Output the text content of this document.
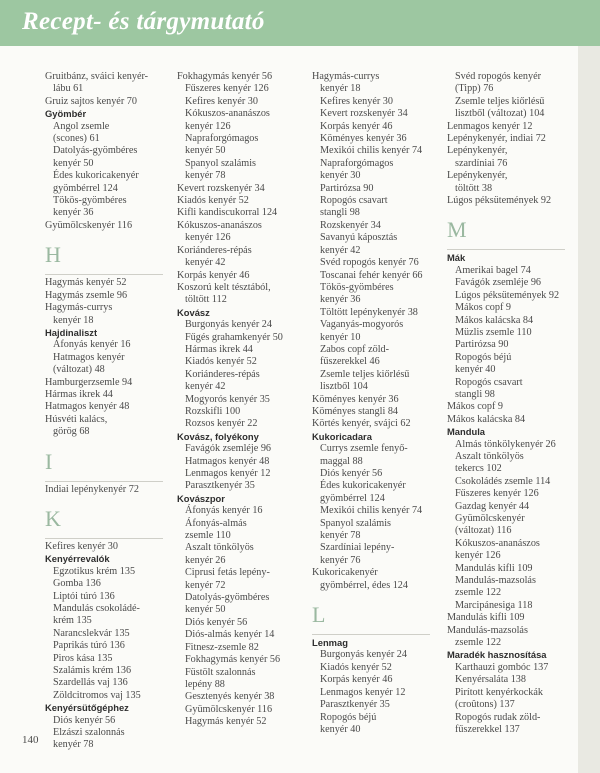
Recept- és tárgymutató
Gruitbánz, sváici kenyér-
lábu 61
Gruiz sajtos kenyér 70
Gyömbér
Angol zsemle
(scones) 61
Datolyás-gyömbéres
kenyér 50
Édes kukoricakenyér
gyömbérrel 124
Tökös-gyömbéres
kenyér 36
Gyümölcskenyér 116
H
Hagymás kenyér 52
Hagymás zsemle 96
Hagymás-currys
kenyér 18
Hajdinaliszt
Áfonyás kenyér 16
Hatmagos kenyér
(változat) 48
Hamburgerzsemle 94
Hármas ikrek 44
Hatmagos kenyér 48
Húsvéti kalács,
görög 68
I
Indiai lepénykenyér 72
K
Kefires kenyér 30
Kenyérrevalók
Egzotikus krém 135
Gomba 136
Liptói túró 136
Mandulás csokoládé-
krém 135
Narancslekvár 135
Paprikás túró 136
Piros kása 135
Szalámis krém 136
Szardellás vaj 136
Zöldcitromos vaj 135
Kenyérsütőgéphez
Diós kenyér 56
Elzászi szalonnás
kenyér 78
Fokhagymás kenyér 56
Fűszeres kenyér 126
Kefires kenyér 30
Kókuszos-ananászos
kenyér 126
Napraforgómagos
kenyér 50
Spanyol szalámis
kenyér 78
Kevert rozskenyér 34
Kiadós kenyér 52
Kifli kandiscukorral 124
Kókuszos-ananászos
kenyér 126
Koriánderes-répás
kenyér 42
Korpás kenyér 46
Koszorú kelt tésztából,
töltött 112
Kovász
Burgonyás kenyér 24
Fűgés grahamkenyér 50
Hármas ikrek 44
Kiadós kenyér 52
Koriánderes-répás
kenyér 42
Mogyorós kenyér 35
Rozskifli 100
Rozsos kenyér 22
Kovász, folyékony
Favágók zsemléje 96
Hatmagos kenyér 48
Lenmagos kenyér 12
Parasztkenyér 35
Kovászpor
Áfonyás kenyér 16
Áfonyás-almás
zsemle 110
Aszalt tönkölyös
kenyér 26
Ciprusi fetás lepény-
kenyér 72
Datolyás-gyömbéres
kenyér 50
Diós kenyér 56
Diós-almás kenyér 14
Fitnesz-zsemle 82
Fokhagymás kenyér 56
Füstölt szalonnás
lepény 88
Gesztenyés kenyér 38
Gyümölcskenyér 116
Hagymás kenyér 52
Hagymás-currys
kenyér 18
Kefires kenyér 30
Kevert rozskenyér 34
Korpás kenyér 46
Köményes kenyér 36
Mexikói chilis kenyér 74
Napraforgómagos
kenyér 30
Partirózsa 90
Ropogós csavart
stangli 98
Rozskenyér 34
Savanyú káposztás
kenyér 42
Svéd ropogós kenyér 76
Toscanai fehér kenyér 66
Tökös-gyömbéres
kenyér 36
Töltött lepénykenyér 38
Vaganyás-mogyorós
kenyér 10
Zabos copf zöld-
fűszerekkel 46
Zsemle teljes kiőrlésű
lisztből 104
Köményes kenyér 36
Köményes stangli 84
Körtés kenyér, svájci 62
Kukoricadara
Currys zsemle fenyő-
maggal 88
Diós kenyér 56
Édes kukoricakenyér
gyömbérrel 124
Mexikói chilis kenyér 74
Spanyol szalámis
kenyér 78
Szardíniai lepény-
kenyér 76
Kukoricakenyér
gyömbérrel, édes 124
L
Lenmag
Burgonyás kenyér 24
Kiadós kenyér 52
Korpás kenyér 46
Lenmagos kenyér 12
Parasztkenyér 35
Ropogós béjú
kenyér 40
Svéd ropogós kenyér
(Tipp) 76
Zsemle teljes kiőrlésű
lisztből (változat) 104
Lenmagos kenyér 12
Lepénykenyér, indiai 72
Lepénykenyér,
szardíniai 76
Lepénykenyér,
töltött 38
Lúgos péksütemények 92
M
Mák
Amerikai bagel 74
Favágók zsemléje 96
Lúgos péksütemények 92
Mákos copf 9
Mákos kalácska 84
Müzlis zsemle 110
Partirózsa 90
Ropogós béjú
kenyér 40
Ropogós csavart
stangli 98
Mákos copf 9
Mákos kalácska 84
Mandula
Almás tönkölykenyér 26
Aszalt tönkölyös
tekercs 102
Csokoládés zsemle 114
Fűszeres kenyér 126
Gazdag kenyér 44
Gyümölcskenyér
(változat) 116
Kókuszos-ananászos
kenyér 126
Mandulás kifli 109
Mandulás-mazsolás
zsemle 122
Marcipánesiga 118
Mandulás kifli 109
Mandulás-mazsolás
zsemle 122
Maradék hasznosítása
Karthauzi gombóc 137
Kenyérsaláta 138
Pirított kenyérkockák
(croûtons) 137
Ropogós rudak zöld-
fűszerekkel 137
140
